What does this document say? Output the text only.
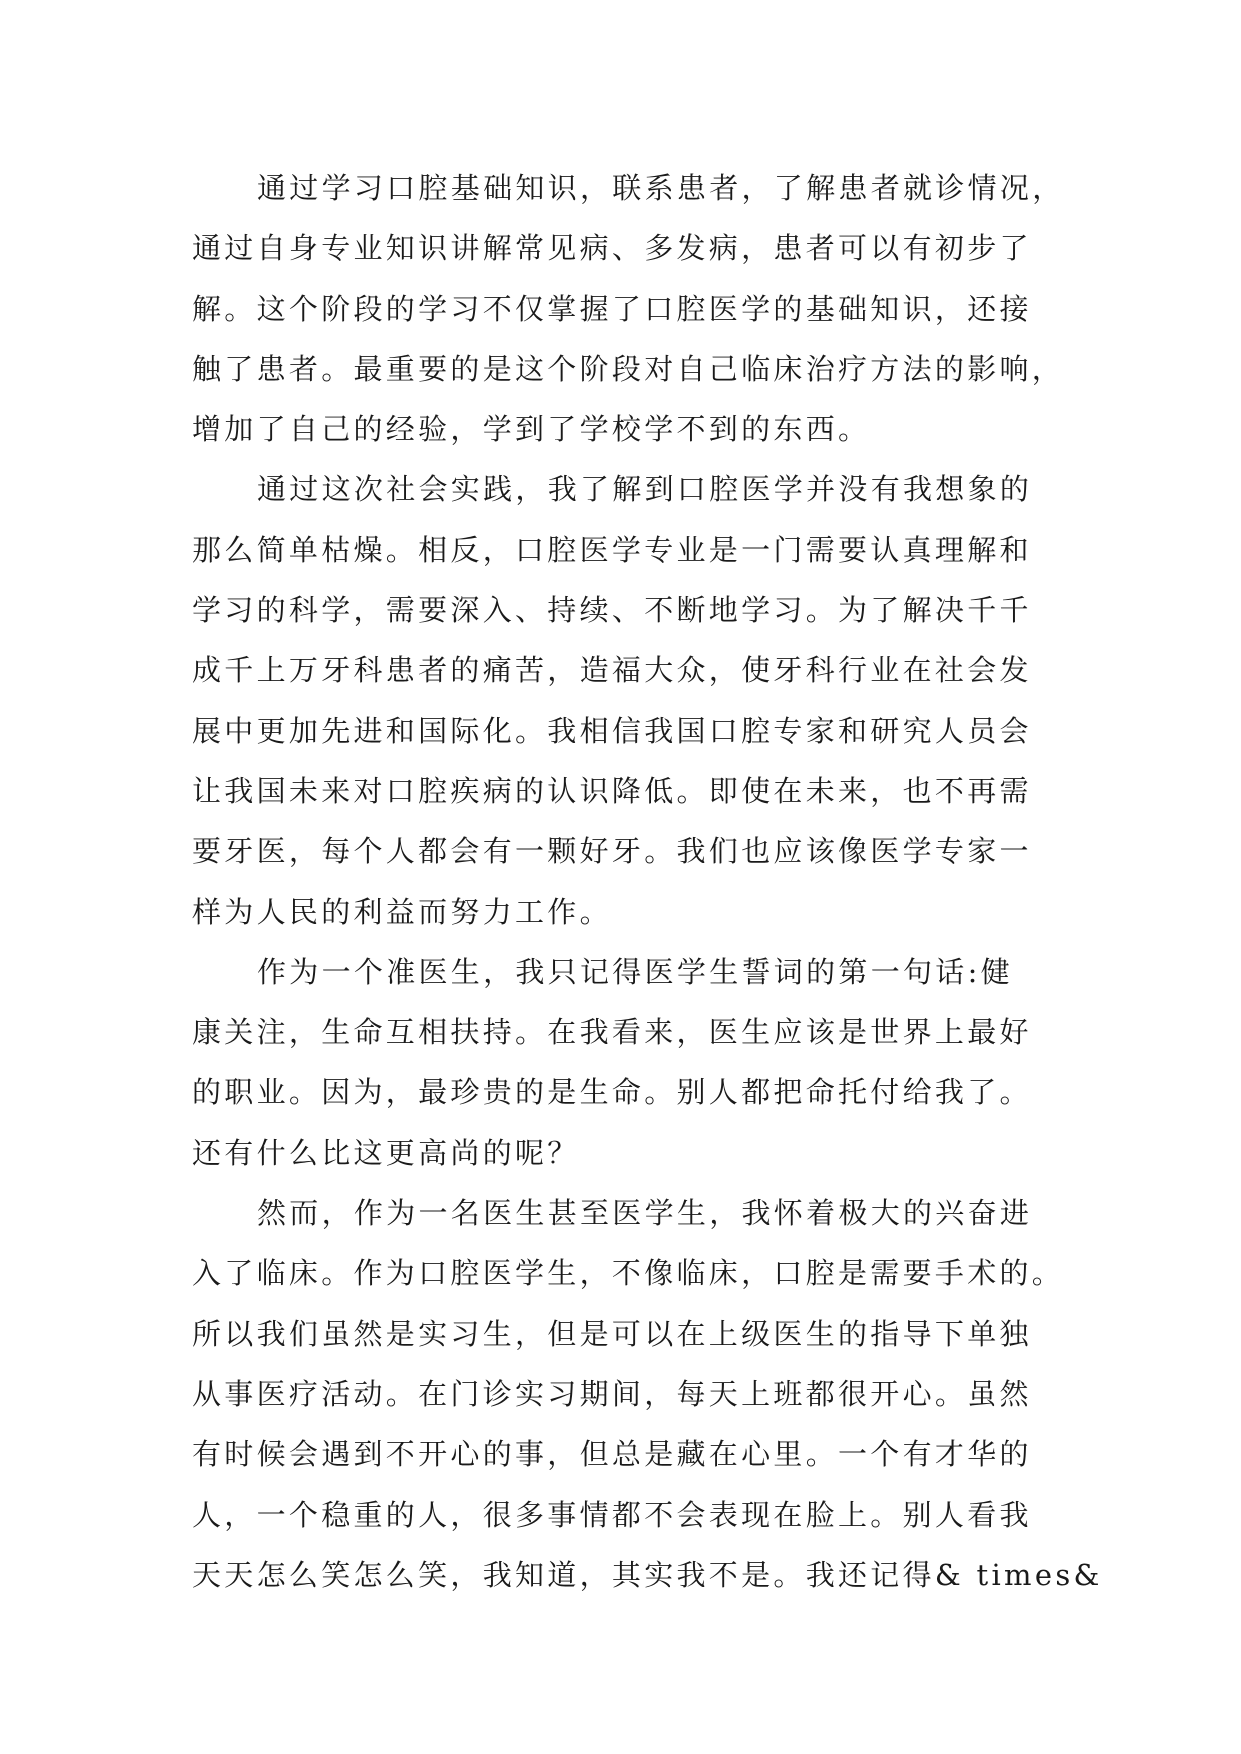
通过学习口腔基础知识，联系患者，了解患者就诊情况，
通过自身专业知识讲解常见病、多发病，患者可以有初步了
解。这个阶段的学习不仅掌握了口腔医学的基础知识，还接
触了患者。最重要的是这个阶段对自己临床治疗方法的影响，
增加了自己的经验，学到了学校学不到的东西。
通过这次社会实践，我了解到口腔医学并没有我想象的
那么简单枯燥。相反，口腔医学专业是一门需要认真理解和
学习的科学，需要深入、持续、不断地学习。为了解决千千
成千上万牙科患者的痛苦，造福大众，使牙科行业在社会发
展中更加先进和国际化。我相信我国口腔专家和研究人员会
让我国未来对口腔疾病的认识降低。即使在未来，也不再需
要牙医，每个人都会有一颗好牙。我们也应该像医学专家一
样为人民的利益而努力工作。
作为一个准医生，我只记得医学生誓词的第一句话:健
康关注，生命互相扶持。在我看来，医生应该是世界上最好
的职业。因为，最珍贵的是生命。别人都把命托付给我了。
还有什么比这更高尚的呢？
然而，作为一名医生甚至医学生，我怀着极大的兴奋进
入了临床。作为口腔医学生，不像临床，口腔是需要手术的。
所以我们虽然是实习生，但是可以在上级医生的指导下单独
从事医疗活动。在门诊实习期间，每天上班都很开心。虽然
有时候会遇到不开心的事，但总是藏在心里。一个有才华的
人，一个稳重的人，很多事情都不会表现在脸上。别人看我
天天怎么笑怎么笑，我知道，其实我不是。我还记得& times&
